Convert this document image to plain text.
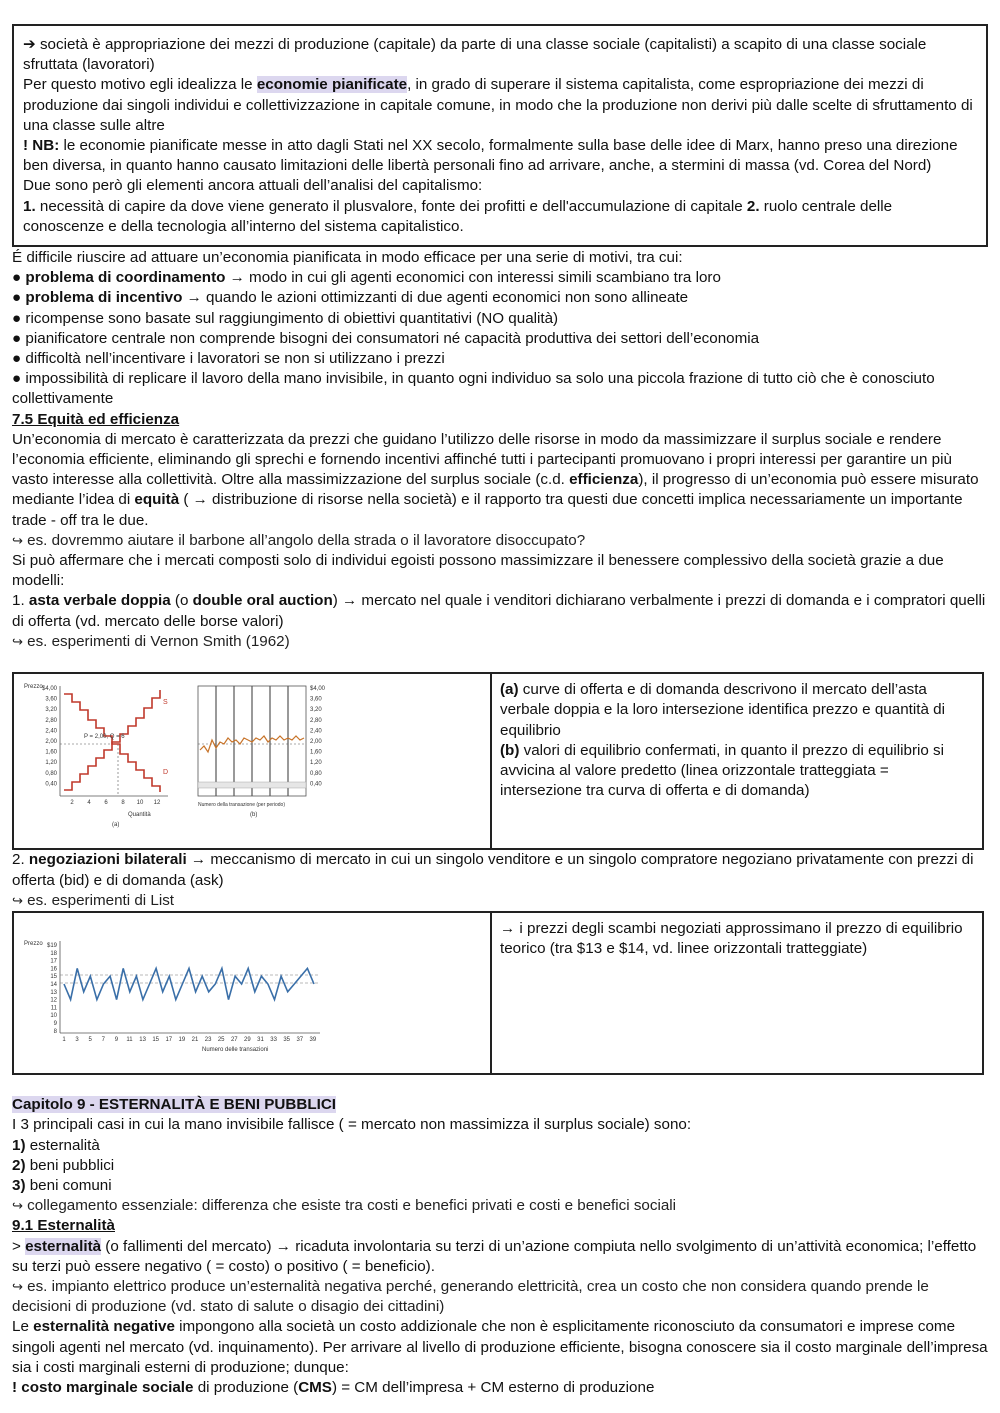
➔ società è appropriazione dei mezzi di produzione (capitale) da parte di una classe sociale (capitalisti) a scapito di una classe sociale sfruttata (lavoratori)

Per questo motivo egli idealizza le economie pianificate, in grado di superare il sistema capitalista, come espropriazione dei mezzi di produzione dai singoli individui e collettivizzazione in capitale comune, in modo che la produzione non derivi più dalle scelte di sfruttamento di una classe sulle altre

! NB: le economie pianificate messe in atto dagli Stati nel XX secolo, formalmente sulla base delle idee di Marx, hanno preso una direzione ben diversa, in quanto hanno causato limitazioni delle libertà personali fino ad arrivare, anche, a stermini di massa (vd. Corea del Nord)

Due sono però gli elementi ancora attuali dell’analisi del capitalismo:

1. necessità di capire da dove viene generato il plusvalore, fonte dei profitti e dell'accumulazione di capitale 2. ruolo centrale delle conoscenze e della tecnologia all’interno del sistema capitalistico.

É difficile riuscire ad attuare un’economia pianificata in modo efficace per una serie di motivi, tra cui:

● problema di coordinamento → modo in cui gli agenti economici con interessi simili scambiano tra loro

● problema di incentivo → quando le azioni ottimizzanti di due agenti economici non sono allineate

● ricompense sono basate sul raggiungimento di obiettivi quantitativi (NO qualità)

● pianificatore centrale non comprende bisogni dei consumatori né capacità produttiva dei settori dell’economia

● difficoltà nell’incentivare i lavoratori se non si utilizzano i prezzi

● impossibilità di replicare il lavoro della mano invisibile, in quanto ogni individuo sa solo una piccola frazione di tutto ciò che è conosciuto collettivamente

7.5 Equità ed efficienza

Un’economia di mercato è caratterizzata da prezzi che guidano l’utilizzo delle risorse in modo da massimizzare il surplus sociale e rendere l’economia efficiente, eliminando gli sprechi e fornendo incentivi affinché tutti i partecipanti promuovano i propri interessi per garantire un più vasto interesse alla collettività. Oltre alla massimizzazione del surplus sociale (c.d. efficienza), il progresso di un’economia può essere misurato mediante l’idea di equità ( → distribuzione di risorse nella società) e il rapporto tra questi due concetti implica necessariamente un importante trade - off tra le due.

↪ es. dovremmo aiutare il barbone all’angolo della strada o il lavoratore disoccupato?

Si può affermare che i mercati composti solo di individui egoisti possono massimizzare il benessere complessivo della società grazie a due modelli:

1. asta verbale doppia (o double oral auction) → mercato nel quale i venditori dichiarano verbalmente i prezzi di domanda e i compratori quelli di offerta (vd. mercato delle borse valori)

↪ es. esperimenti di Vernon Smith (1962)

Prezzo $4,00
3,60
3,20
2,80
2,40
2,00
1,60
1,20
0,80
0,40
$4,00
3,60
3,20
2,80
2,40
2,00
1,60
1,20
0,80
0,40
2 4 6 8 10 12
S
D
P = 2,00, Q = 6
Quantità
(a)
Numero della transazione (per periodo)
(b)
	(a) curve di offerta e di domanda descrivono il mercato dell’asta verbale doppia e la loro intersezione identifica prezzo e quantità di equilibrio
(b) valori di equilibrio confermati, in quanto il prezzo di equilibrio si avvicina al valore predetto (linea orizzontale tratteggiata = intersezione tra curva di offerta e di domanda)

2. negoziazioni bilaterali → meccanismo di mercato in cui un singolo venditore e un singolo compratore negoziano privatamente con prezzi di offerta (bid) e di domanda (ask)

↪ es. esperimenti di List

Prezzo $19
18
17
16
15
14
13
12
11
10
9
8
1 3 5 7 9 11 13 15 17 19 21 23 25 27 29 31 33 35 37 39
Numero delle transazioni
	→ i prezzi degli scambi negoziati approssimano il prezzo di equilibrio teorico (tra $13 e $14, vd. linee orizzontali tratteggiate)

Capitolo 9 - ESTERNALITÀ E BENI PUBBLICI

I 3 principali casi in cui la mano invisibile fallisce ( = mercato non massimizza il surplus sociale) sono:

1) esternalità

2) beni pubblici

3) beni comuni

↪ collegamento essenziale: differenza che esiste tra costi e benefici privati e costi e benefici sociali

9.1 Esternalità

> esternalità (o fallimenti del mercato) → ricaduta involontaria su terzi di un’azione compiuta nello svolgimento di un’attività economica; l’effetto su terzi può essere negativo ( = costo) o positivo ( = beneficio).

↪ es. impianto elettrico produce un’esternalità negativa perché, generando elettricità, crea un costo che non considera quando prende le decisioni di produzione (vd. stato di salute o disagio dei cittadini)

Le esternalità negative impongono alla società un costo addizionale che non è esplicitamente riconosciuto da consumatori e imprese come singoli agenti nel mercato (vd. inquinamento). Per arrivare al livello di produzione efficiente, bisogna conoscere sia il costo marginale dell’impresa sia i costi marginali esterni di produzione; dunque:

! costo marginale sociale di produzione (CMS) = CM dell’impresa + CM esterno di produzione
